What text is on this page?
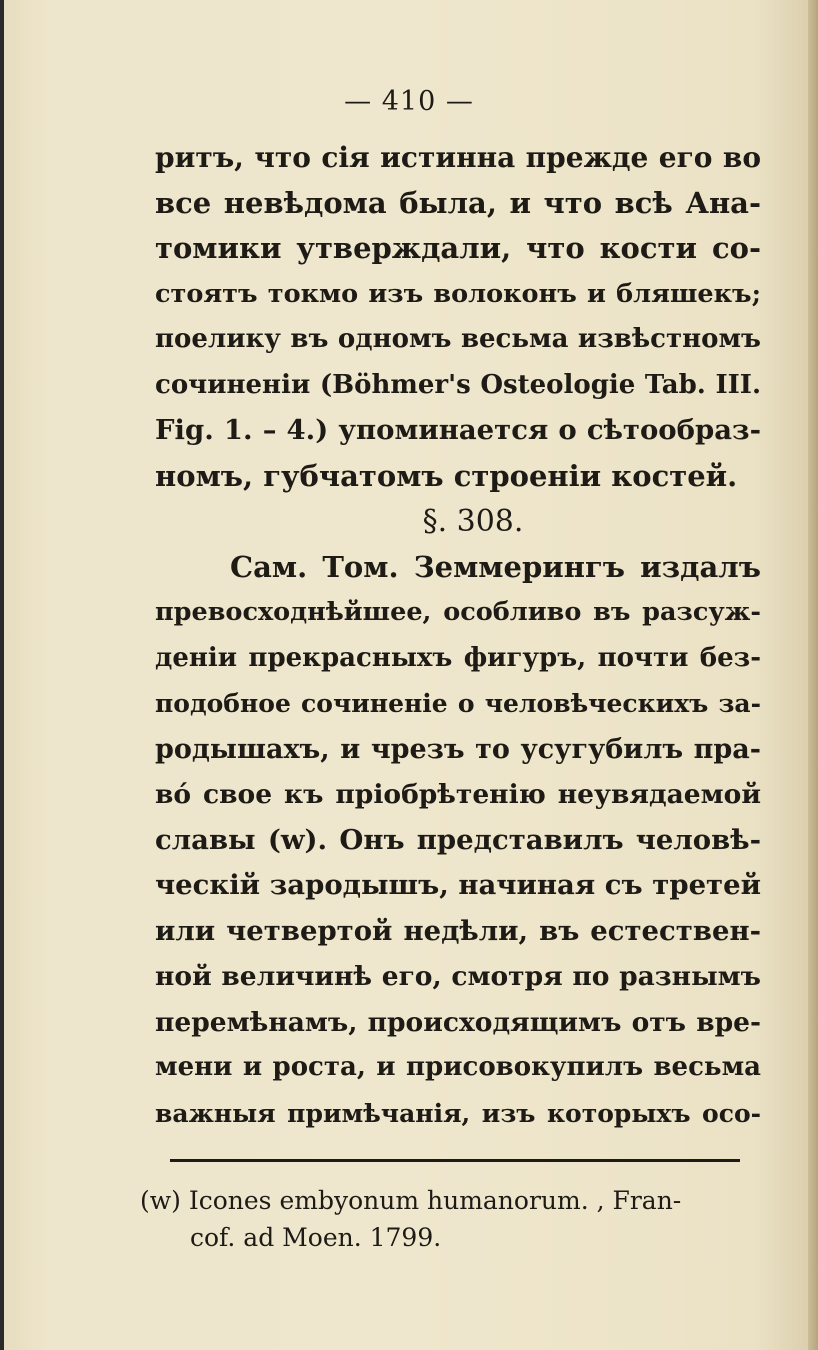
— 410 —
ритъ, что сія истинна прежде его во
все невѣдома была, и что всѣ Ана-
томики утверждали, что кости со-
стоятъ токмо изъ волоконъ и бляшекъ;
поелику въ одномъ весьма извѣстномъ
сочиненіи (Böhmer's Osteologie Tab. III.
Fig. 1. – 4.) упоминается о сѣтообраз-
номъ, губчатомъ строеніи костей.
§. 308.
Сам. Том. Земмерингъ издалъ
превосходнѣйшее, особливо въ разсуж-
деніи прекрасныхъ фигуръ, почти без-
подобное сочиненіе о человѣческихъ за-
родышахъ, и чрезъ то усугубилъ пра-
вó свое къ пріобрѣтенію неувядаемой
славы (w). Онъ представилъ человѣ-
ческій зародышъ, начиная съ третей
или четвертой недѣли, въ естествен-
ной величинѣ его, смотря по разнымъ
перемѣнамъ, происходящимъ отъ вре-
мени и роста, и присовокупилъ весьма
важныя примѣчанія, изъ которыхъ осо-
(w) Icones embyonum humanorum. , Fran-
cof. ad Moen. 1799.
